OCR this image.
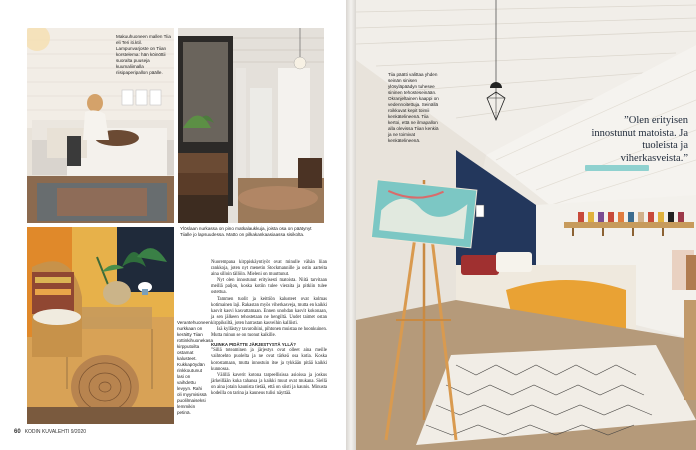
Makuuhuoneen mallen Tiia eli Teri iti.ktil. Lampunvarjoste on Tiian korstelema: hän köinöttii suoralta puuseja kuumaliimalla riisipaperipallon päälle.
Ylöslaan nurkassa on pino matkalaukkuja, joista osa on päätynyt Tiialle jo lapsuudessa. Matto on pilkakankaasiaassa sisikolta.
Verantehuoneen nurkkaan on keräitty Tiian rottinkihuonekasa kirpputoilta ostamat kalusteet. Kukkapöydän rinkkoutunut lasi on vaihdettu levyyn. Rahi oli myymisissä puolilmaiseksi lemmikin petinä.

Nuorempana kirppiskäyntiyöt ovat minulle vähän liian rankkoja, joten nyt menetin Stockmannille ja ostin aarteita aina silloin tällöin. Mieleni on muuttunut.

Nyt olen innostunut erityisesti matoista. Niitä tarvitaan meillä paljon, koska kotiin tulee vieraita ja pitkiin tulee ostettua.

Tammen tuolit ja keittiön kalusteet ovat kolmas kotimainen laji. Rakastan myös viherkasveja, mutta en kaikki kasvit kasvi kasvattamaan. Ennen unohdan kasvit kokonaan, ja sen jälkeen tehostetaan ne hengiltä. Uudet taimet ostan kirppiksiltä, joten harrastan kasveihin kalliisti.

Isä kyllästyy tavaroihini, pihtonen muistaa ne hoonkuinen. Mutta minun se on tuonut kaikille.

KUINKA PIDÄTTE JÄRJESTYSTÄ YLLÄ?

”Sillä toteaminen ja järjestys ovat olleet aina meille vaihtoehto puolelta ja ne ovat tärkeä osa kotia. Koska korostamaan, mutta innostuin itse ja tykkään pitää kaikki kunnossa.

Välillä kaverit kotona tarpeellisissa asioissa ja joskus järkeillään kuka tahansa ja kaikki muut ovat mukana. Siellä on aina jotain kaunista tietää, että on siisti ja kaunis. Minusta kodeilla on tarina ja kauneus tulisi näyttää.

60 KODIN KUVALEHTI 9/2020
Tiia päätti valittaa yhden seinän sinisen ylösyläpäädyn tuhesee sininen tehosteseinään. Okranjeltainen kaappi on vedennoitettuja. Seinällä roikkuvat kepit toimii kenkätelineenä. Tiia kertoi, että ne ilmapallon alla olevissa Tiian kenkiä ja ne toimivat kenkätelineenä.
”Olen erityisen innostunut matoista. Ja tuoleista ja viherkasveista.”
